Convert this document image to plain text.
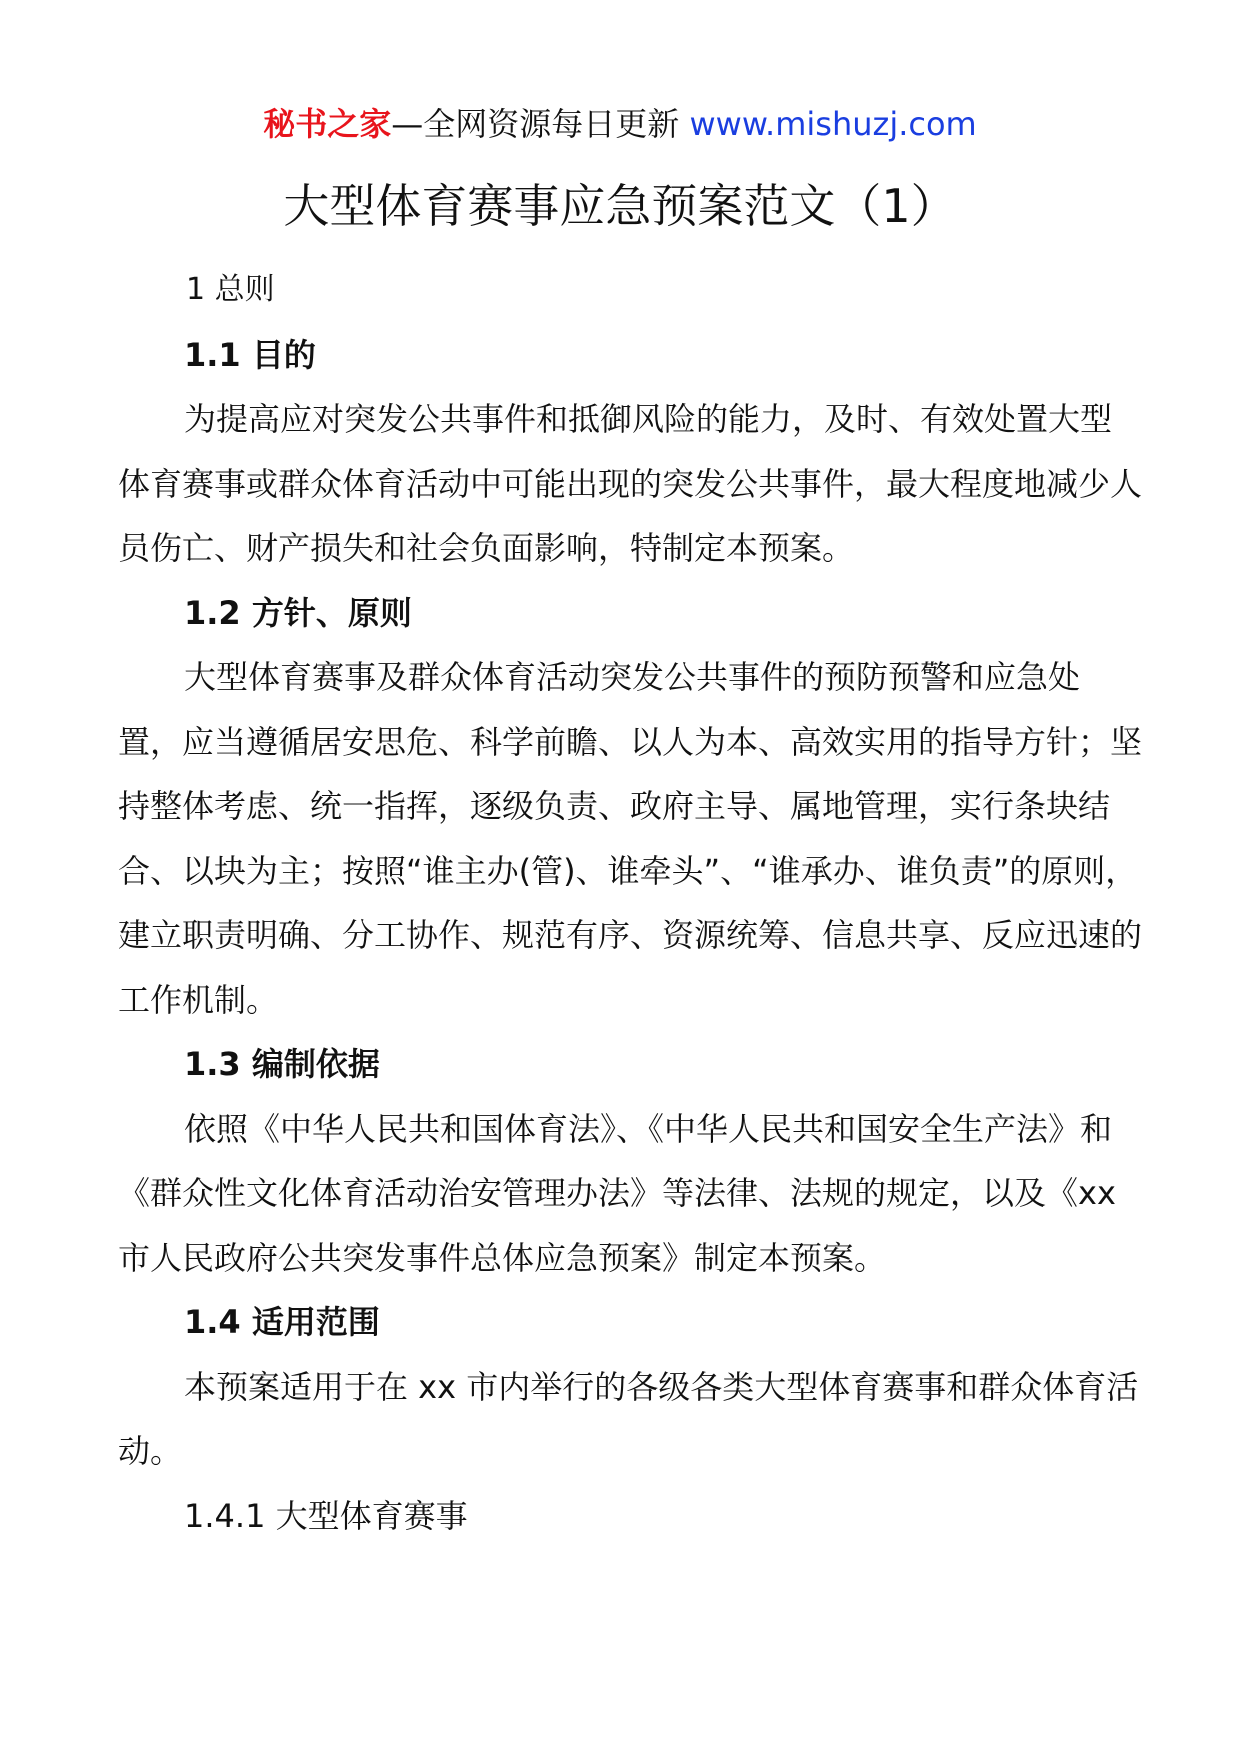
秘书之家—全网资源每日更新 www.mishuzj.com
大型体育赛事应急预案范文（1）

1 总则

1.1 目的

为提高应对突发公共事件和抵御风险的能力，及时、有效处置大型体育赛事或群众体育活动中可能出现的突发公共事件，最大程度地减少人员伤亡、财产损失和社会负面影响，特制定本预案。

1.2 方针、原则

大型体育赛事及群众体育活动突发公共事件的预防预警和应急处置，应当遵循居安思危、科学前瞻、以人为本、高效实用的指导方针；坚持整体考虑、统一指挥，逐级负责、政府主导、属地管理，实行条块结合、以块为主；按照“谁主办(管)、谁牵头”、“谁承办、谁负责”的原则，建立职责明确、分工协作、规范有序、资源统筹、信息共享、反应迅速的工作机制。

1.3 编制依据

依照《中华人民共和国体育法》、《中华人民共和国安全生产法》和《群众性文化体育活动治安管理办法》等法律、法规的规定，以及《xx 市人民政府公共突发事件总体应急预案》制定本预案。

1.4 适用范围

本预案适用于在 xx 市内举行的各级各类大型体育赛事和群众体育活动。

1.4.1 大型体育赛事
